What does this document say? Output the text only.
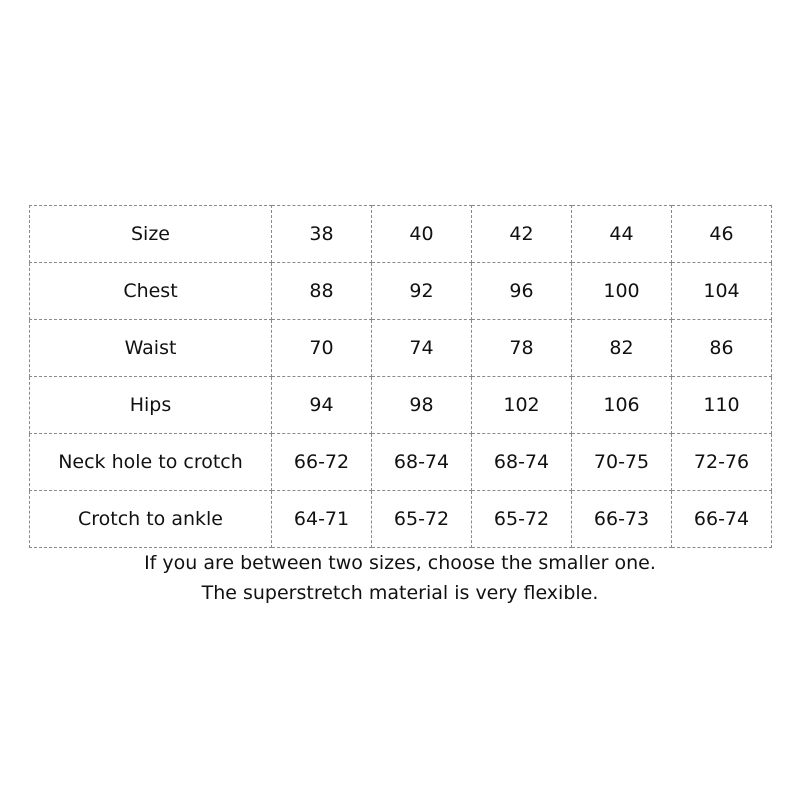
Size	38	40	42	44	46
Chest	88	92	96	100	104
Waist	70	74	78	82	86
Hips	94	98	102	106	110
Neck hole to crotch	66-72	68-74	68-74	70-75	72-76
Crotch to ankle	64-71	65-72	65-72	66-73	66-74
If you are between two sizes, choose the smaller one.
The superstretch material is very flexible.
